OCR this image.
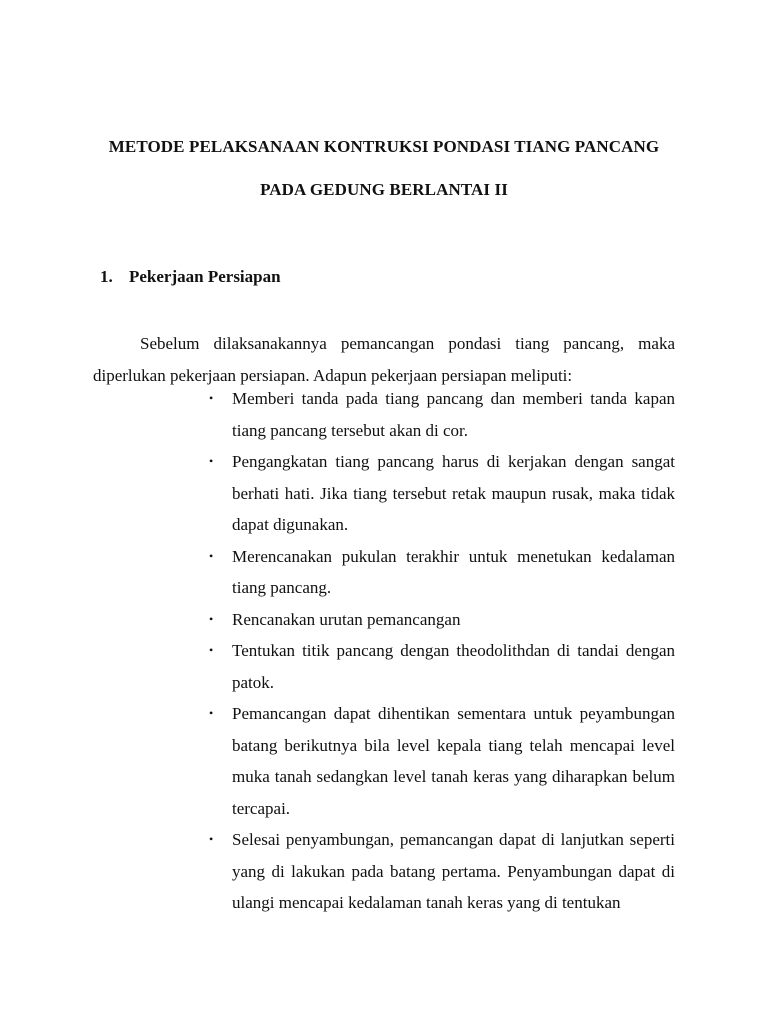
METODE PELAKSANAAN KONTRUKSI PONDASI TIANG PANCANG
PADA GEDUNG BERLANTAI II
1. Pekerjaan Persiapan

Sebelum dilaksanakannya pemancangan pondasi tiang pancang, maka diperlukan pekerjaan persiapan. Adapun pekerjaan persiapan meliputi:

• Memberi tanda pada tiang pancang dan memberi tanda kapan tiang pancang tersebut akan di cor.
• Pengangkatan tiang pancang harus di kerjakan dengan sangat berhati hati. Jika tiang tersebut retak maupun rusak, maka tidak dapat digunakan.
• Merencanakan pukulan terakhir untuk menetukan kedalaman tiang pancang.
• Rencanakan urutan pemancangan
• Tentukan titik pancang dengan theodolithdan di tandai dengan patok.
• Pemancangan dapat dihentikan sementara untuk peyambungan batang berikutnya bila level kepala tiang telah mencapai level muka tanah sedangkan level tanah keras yang diharapkan belum tercapai.
• Selesai penyambungan, pemancangan dapat di lanjutkan seperti yang di lakukan pada batang pertama. Penyambungan dapat di ulangi mencapai kedalaman tanah keras yang di tentukan
